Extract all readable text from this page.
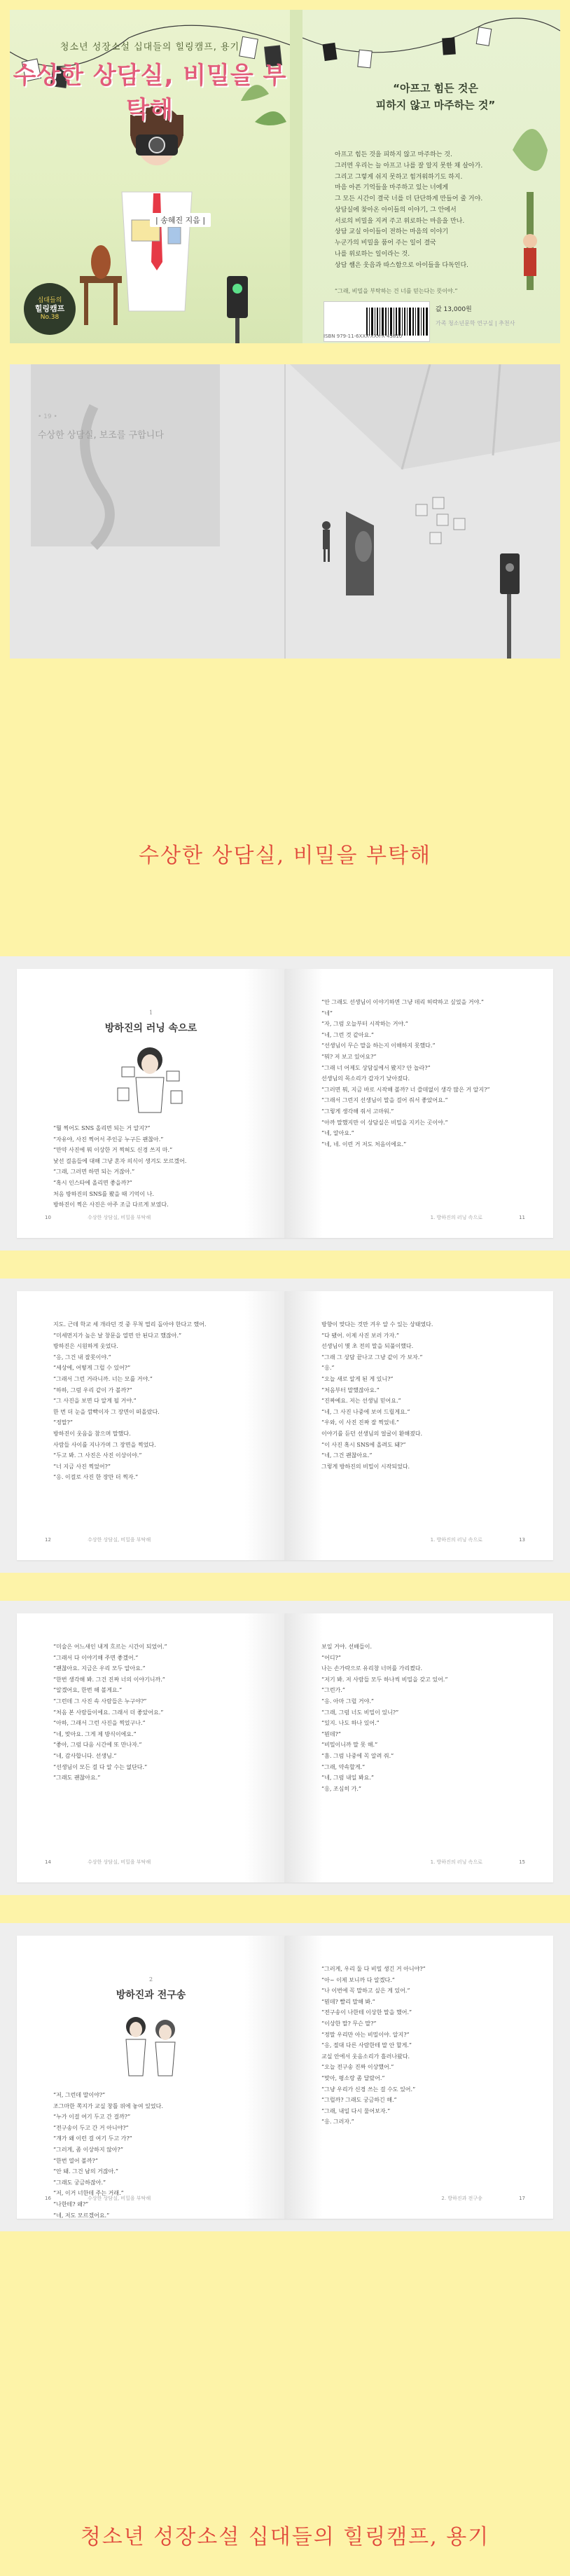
청소년 성장소설 십대들의 힐링캠프, 용기
수상한 상담실, 비밀을 부탁해
| 송혜진 지음 |
십대들의
힐링캠프
No.38
“아프고 힘든 것은
피하지 않고 마주하는 것”

아프고 힘든 것을 피하지 않고 마주하는 것.

그러면 우리는 늘 아프고 나를 잘 알지 못한 채 살아가.

그리고 그렇게 쉬지 못하고 힘겨워하기도 하지.

마음 아픈 기억들을 마주하고 있는 너에게

그 모든 시간이 결국 너를 더 단단하게 만들어 줄 거야.

상담실에 찾아온 아이들의 이야기, 그 안에서

서로의 비밀을 지켜 주고 위로하는 마음을 만나.

상담 교실 아이들이 전하는 마음의 이야기

누군가의 비밀을 품어 주는 일이 결국

나를 위로하는 일이라는 것.

상담 쌤은 웃음과 따스함으로 아이들을 다독인다.

“그래, 비밀을 부탁하는 건 너를 믿는다는 뜻이야.”
값 13,000원
가족 청소년문학 연구실 | 추천사
ISBN 979-11-6XXX-XXX-X 43810
• 19 •
수상한 상담실, 보조를 구합니다
수상한 상담실, 비밀을 부탁해
1
방하진의 러닝 속으로

“뭘 찍어도 SNS 올리면 되는 거 알지?”

“자유야, 사진 찍어서 주인공 누구든 괜찮아.”

“만약 사진에 뭐 이상한 거 찍혀도 신경 쓰지 마.”

낯선 걸음들에 대해 그냥 혼자 의식이 생겨도 모르겠어.

“그래, 그러면 하면 되는 거잖아.”

“혹시 인스타에 올리면 좋을까?”

처음 방하진의 SNS를 봤을 때 기억이 나.

방하진이 찍은 사진은 아주 조금 다르게 보였다.

10	수상한 상담실, 비밀을 부탁해

“안 그래도 선생님이 이야기하면 그냥 데리 허락하고 싶었을 거야.”

“네”

“자, 그럼 오늘부터 시작하는 거야.”

“네, 그런 것 같아요.”

“선생님이 무슨 말을 하는지 이해하지 못했다.”

“뭐? 저 보고 있어요?”

“그래 너 어제도 상담실에서 봤지? 안 놀라?”

선생님의 목소리가 갑자기 낮아졌다.

“그러면 뭐, 지금 바로 시작해 볼까? 너 쓸데없이 생각 많은 거 알지?”

“그래서 그런지 선생님이 말을 걸어 줘서 좋았어요.”

“그렇게 생각해 줘서 고마워.”

“아까 말했지만 이 상담실은 비밀을 지키는 곳이야.”

“네, 알아요.”

“네, 네. 이런 거 저도 처음이에요.”

1. 방하진의 러닝 속으로	11

지도. 근데 학교 세 개라던 것 중 무척 멀리 돌아야 한다고 했어.

“미세먼지가 높은 날 창문을 열면 안 된다고 했잖아.”

방하진은 시원하게 웃었다.

“응, 그건 내 잘못이야.”

“세상에, 어떻게 그럴 수 있어?”

“그래서 그런 거라니까. 너는 모를 거야.”

“하하, 그럼 우리 같이 가 볼까?”

“그 사진을 보면 다 알게 될 거야.”

한 번 더 눈을 깜빡이자 그 장면이 떠올랐다.

“정말?”

방하진이 웃음을 참으며 말했다.

사람들 사이를 지나가며 그 장면을 찍었다.

“두고 봐. 그 사진은 사진 이상이야.”

“너 지금 사진 찍었어?”

“응. 이걸로 사진 한 장만 더 찍자.”

12	수상한 상담실, 비밀을 부탁해

방향이 맞다는 것만 겨우 알 수 있는 상태였다.

“다 됐어. 이제 사진 보러 가자.”

선생님이 몇 초 전의 말을 되풀이했다.

“그래 그 상담 끝나고 그냥 같이 가 보자.”

“응.”

“오늘 새로 알게 된 게 있니?”

“처음부터 말했잖아요.”

“진짜예요. 저는 선생님 믿어요.”

“네, 그 사진 나중에 보여 드릴게요.”

“우와, 이 사진 진짜 잘 찍었네.”

이야기를 듣던 선생님의 얼굴이 환해졌다.

“이 사진 혹시 SNS에 올려도 돼?”

“네, 그건 괜찮아요.”

그렇게 방하진의 비밀이 시작되었다.

1. 방하진의 러닝 속으로	13

“미술은 어느새인 내게 흐르는 시간이 되었어.”

“그래서 다 이야기해 주면 좋겠어.”

“괜찮아요. 지금은 우리 모두 알아요.”

“한번 생각해 봐. 그건 진짜 너의 이야기니까.”

“알겠어요, 한번 해 볼게요.”

“그런데 그 사진 속 사람들은 누구야?”

“처음 본 사람들이에요. 그래서 더 좋았어요.”

“아하, 그래서 그런 사진을 찍었구나.”

“네, 맞아요. 그게 제 방식이에요.”

“좋아, 그럼 다음 시간에 또 만나자.”

“네, 감사합니다. 선생님.”

“선생님이 모든 걸 다 알 수는 없단다.”

“그래도 괜찮아요.”

14	수상한 상담실, 비밀을 부탁해

보일 거야. 선배들이.

“어디?”

나는 손가락으로 유리창 너머를 가리켰다.

“저기 봐. 저 사람들 모두 하나씩 비밀을 갖고 있어.”

“그런가.”

“응. 아마 그럴 거야.”

“그래, 그럼 너도 비밀이 있니?”

“있지. 나도 하나 있어.”

“뭔데?”

“비밀이니까 말 못 해.”

“흠. 그럼 나중에 꼭 알려 줘.”

“그래, 약속할게.”

“네, 그럼 내일 봐요.”

“응, 조심히 가.”

1. 방하진의 러닝 속으로	15
2
방하진과 전구송

“저, 그런데 말이야?”

조그마한 쪽지가 교실 창틀 위에 놓여 있었다.

“누가 이걸 여기 두고 간 걸까?”

“전구송이 두고 간 거 아니야?”

“걔가 왜 이런 걸 여기 두고 가?”

“그러게, 좀 이상하지 않아?”

“한번 열어 볼까?”

“안 돼. 그건 남의 거잖아.”

“그래도 궁금하잖아.”

“저, 이거 너한테 주는 거래.”

“나한테? 왜?”

“네, 저도 모르겠어요.”

16	수상한 상담실, 비밀을 부탁해

“그러게, 우리 둘 다 비밀 생긴 거 아니야?”

“아~ 이제 보니까 다 알겠다.”

“나 이번에 꼭 말하고 싶은 게 있어.”

“뭔데? 빨리 말해 봐.”

“전구송이 나한테 이상한 말을 했어.”

“이상한 말? 무슨 말?”

“정말 우리만 아는 비밀이야. 알지?”

“응, 절대 다른 사람한테 말 안 할게.”

교실 안에서 웃음소리가 흘러나왔다.

“오늘 전구송 진짜 이상했어.”

“맞아, 평소랑 좀 달랐어.”

“그냥 우리가 신경 쓰는 걸 수도 있어.”

“그럴까? 그래도 궁금하긴 해.”

“그래, 내일 다시 물어보자.”

“응. 그러자.”

2. 방하진과 전구송	17
청소년 성장소설 십대들의 힐링캠프, 용기
